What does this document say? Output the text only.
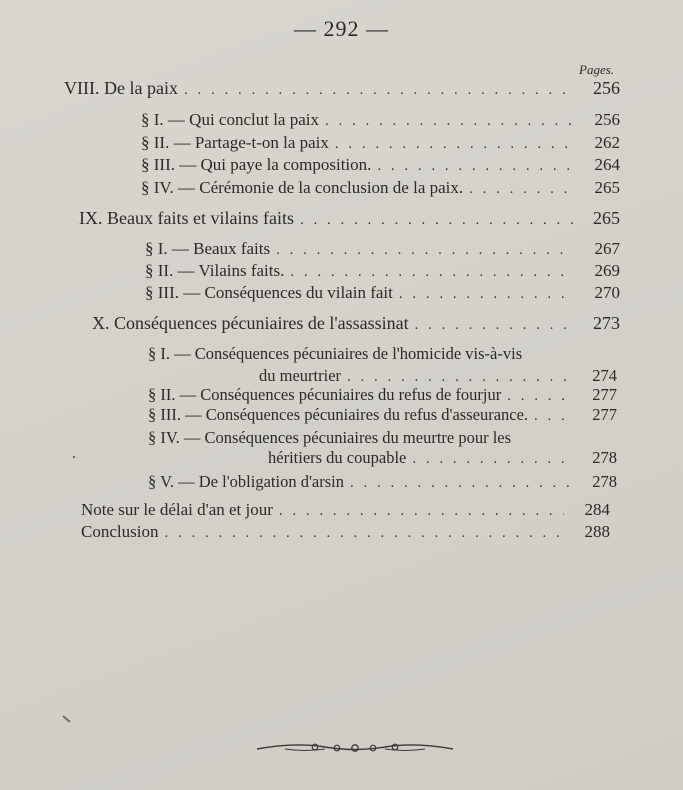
— 292 —
Pages.
VIII. De la paix . . .	256
§ I. — Qui conclut la paix . . .	256
§ II. — Partage-t-on la paix . . .	262
§ III. — Qui paye la composition. . . .	264
§ IV. — Cérémonie de la conclusion de la paix. . . .	265
IX. Beaux faits et vilains faits . . .	265
§ I. — Beaux faits . . .	267
§ II. — Vilains faits. . . .	269
§ III. — Conséquences du vilain fait . . .	270
X. Conséquences pécuniaires de l'assassinat . . .	273
§ I. — Conséquences pécuniaires de l'homicide vis-à-vis
du meurtrier . . .	274
§ II. — Conséquences pécuniaires du refus de fourjur . . .	277
§ III. — Conséquences pécuniaires du refus d'asseurance. . . .	277
§ IV. — Conséquences pécuniaires du meurtre pour les
héritiers du coupable . . .	278
§ V. — De l'obligation d'arsin . . .	278
Note sur le délai d'an et jour . . .	284
Conclusion . . .	288
